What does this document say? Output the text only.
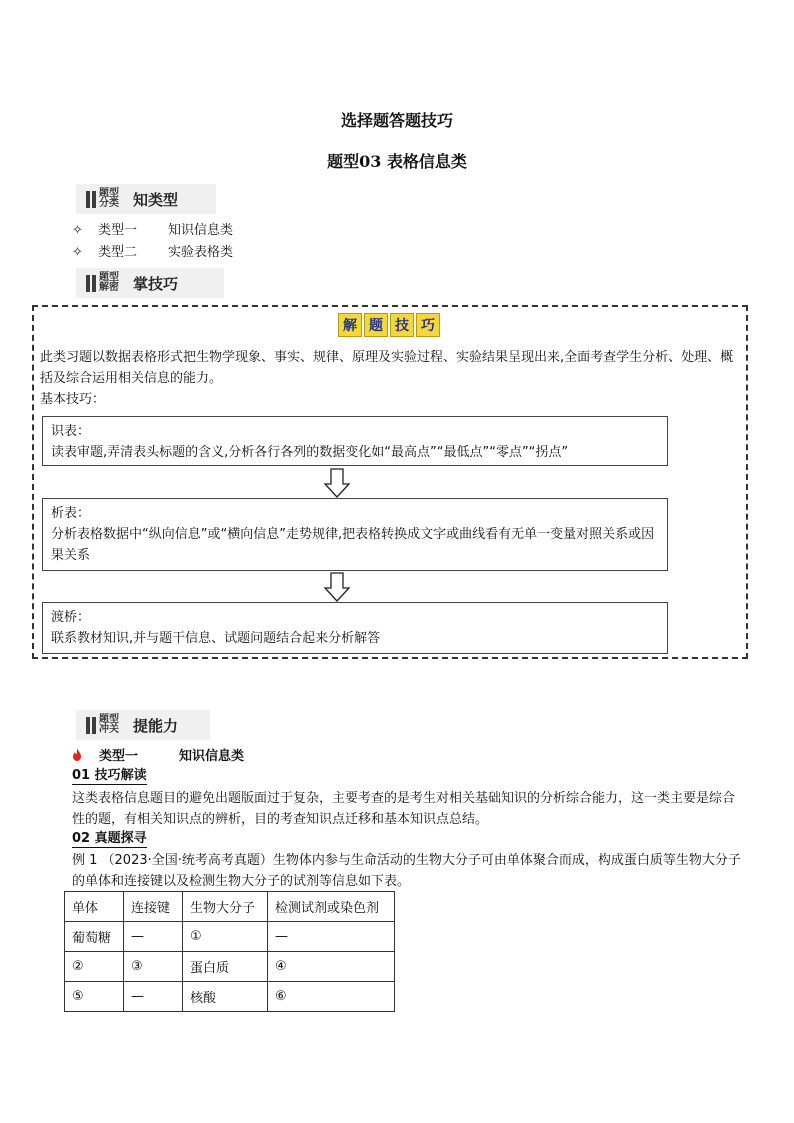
选择题答题技巧
题型03 表格信息类
题型分类 知类型
✧ 类型一 知识信息类
✧ 类型二 实验表格类
题型解密 掌技巧
解 题 技 巧
此类习题以数据表格形式把生物学现象、事实、规律、原理及实验过程、实验结果呈现出来,全面考查学生分析、处理、概括及综合运用相关信息的能力。
基本技巧：
识表：
读表审题,弄清表头标题的含义,分析各行各列的数据变化如“最高点”“最低点”“零点”“拐点”
析表：
分析表格数据中“纵向信息”或“横向信息”走势规律,把表格转换成文字或曲线看有无单一变量对照关系或因果关系
渡桥：
联系教材知识,并与题干信息、试题问题结合起来分析解答
题型冲关 提能力
类型一	知识信息类
01 技巧解读
这类表格信息题目的避免出题版面过于复杂，主要考查的是考生对相关基础知识的分析综合能力，这一类主要是综合性的题，有相关知识点的辨析，目的考查知识点迁移和基本知识点总结。
02 真题探寻
例 1 （2023·全国·统考高考真题）生物体内参与生命活动的生物大分子可由单体聚合而成，构成蛋白质等生物大分子的单体和连接键以及检测生物大分子的试剂等信息如下表。
单体	连接键	生物大分子	检测试剂或染色剂
葡萄糖	—	①	—
②	③	蛋白质	④
⑤	—	核酸	⑥
